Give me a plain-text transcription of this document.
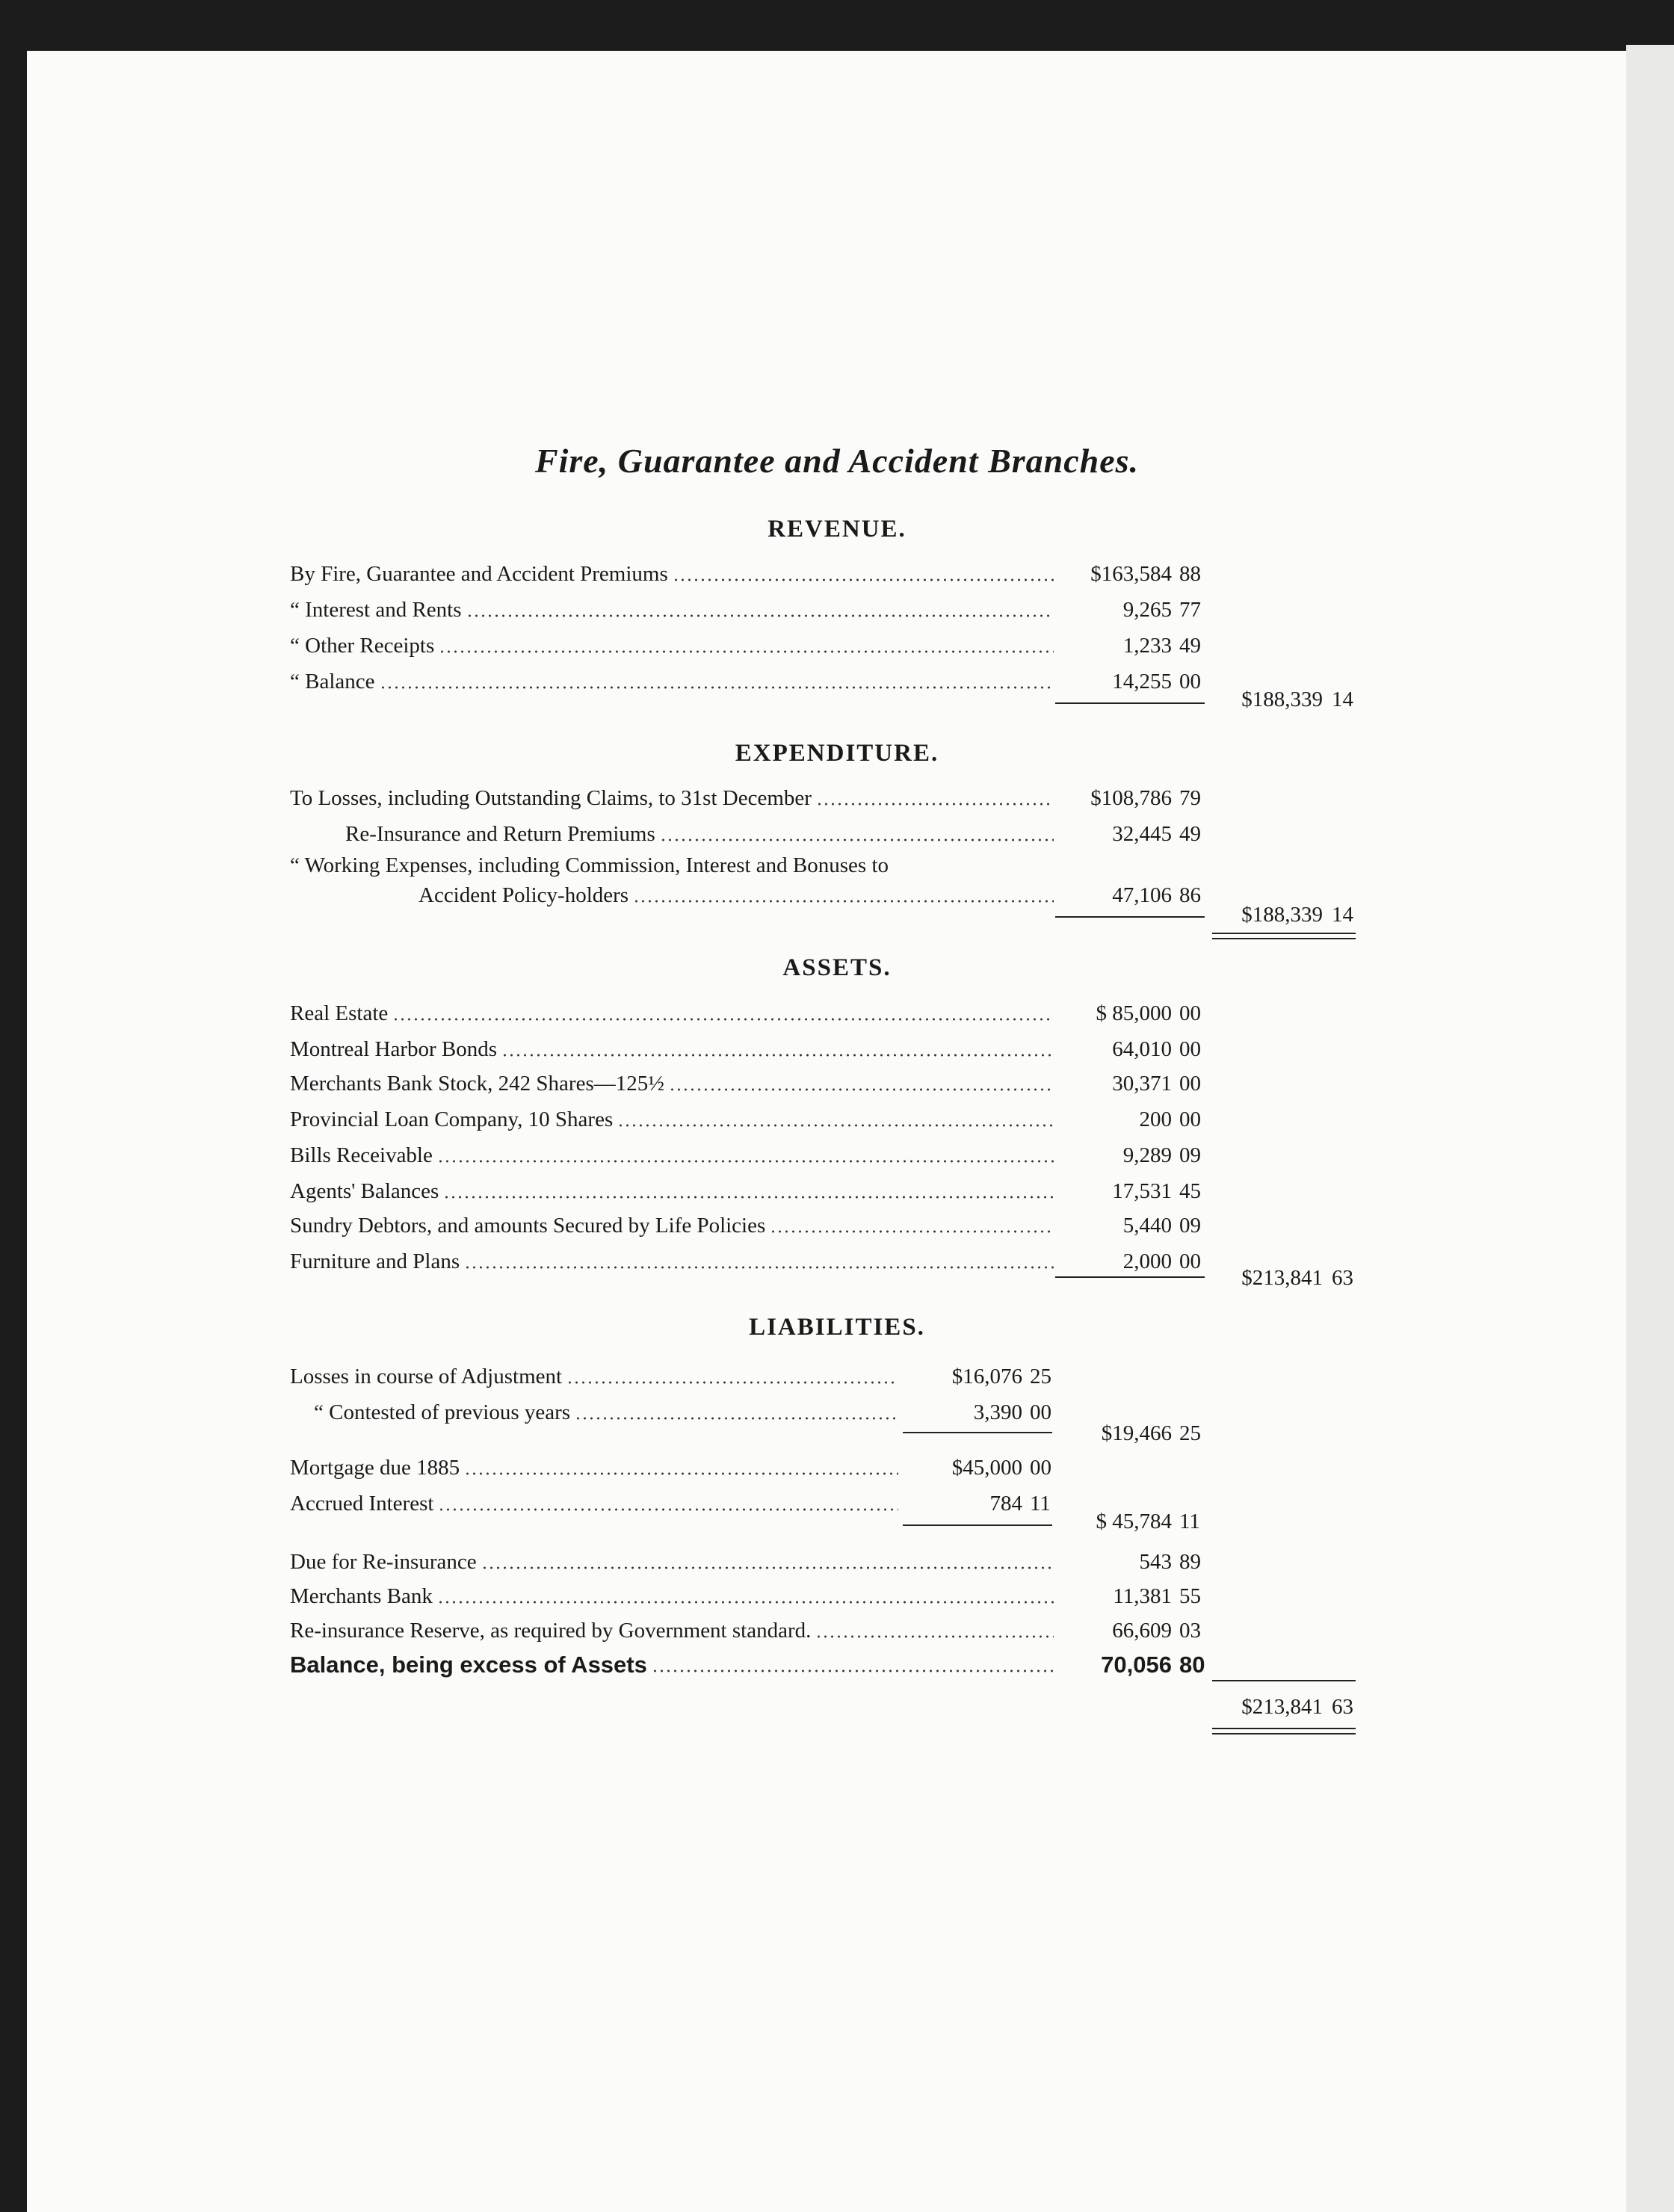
Fire, Guarantee and Accident Branches.
REVENUE.
EXPENDITURE.
ASSETS.
LIABILITIES.
By Fire, Guarantee and Accident Premiums	$163,584 88
“ Interest and Rents	9,265 77
“ Other Receipts	1,233 49
“ Balance	14,255 00
$188,339 14
To Losses, including Outstanding Claims, to 31st December	$108,786 79
Re-Insurance and Return Premiums	32,445 49
“ Working Expenses, including Commission, Interest and Bonuses to
Accident Policy-holders	47,106 86
$188,339 14
Real Estate	$ 85,000 00
Montreal Harbor Bonds	64,010 00
Merchants Bank Stock, 242 Shares—125½	30,371 00
Provincial Loan Company, 10 Shares	200 00
Bills Receivable	9,289 09
Agents' Balances	17,531 45
Sundry Debtors, and amounts Secured by Life Policies	5,440 09
Furniture and Plans	2,000 00
$213,841 63
Losses in course of Adjustment	$16,076 25
“ Contested of previous years	3,390 00
$19,466 25
Mortgage due 1885	$45,000 00
Accrued Interest	784 11
$ 45,784 11
Due for Re-insurance	543 89
Merchants Bank	11,381 55
Re-insurance Reserve, as required by Government standard.	66,609 03
Balance, being excess of Assets	70,056 80
$213,841 63
